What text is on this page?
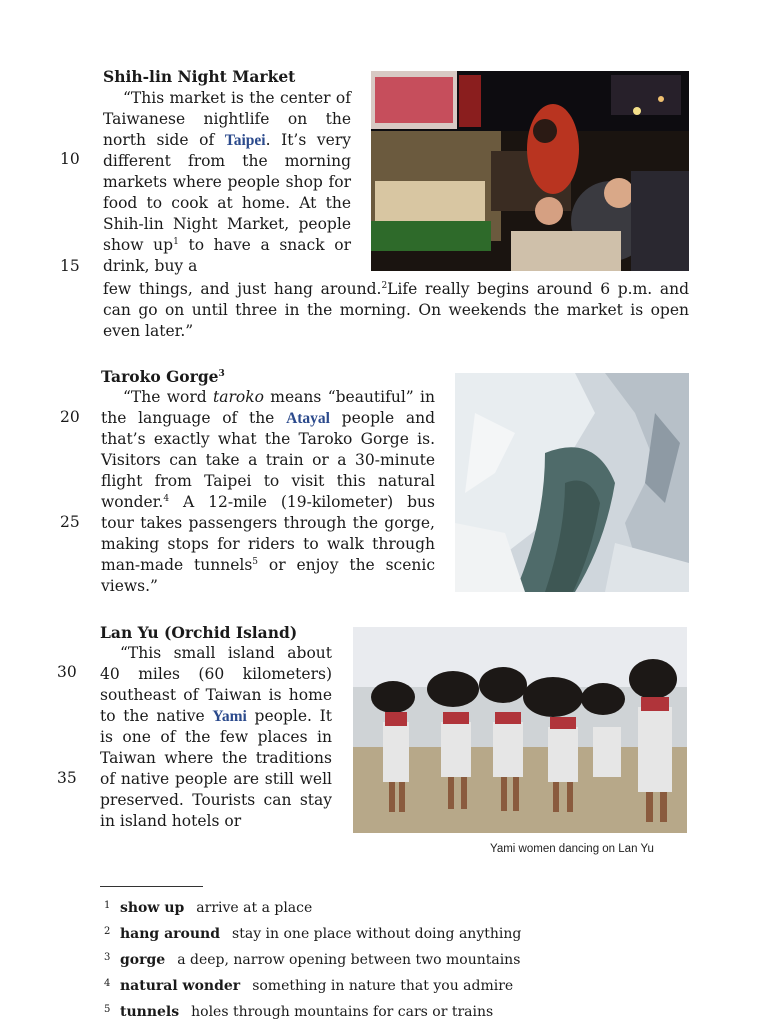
10
15
20
25
30
35
Shih-lin Night Market
“This market is the center of Taiwanese nightlife on the north side of Taipei. It’s very different from the morning markets where people shop for food to cook at home. At the Shih-lin Night Market, people show $up^1$ to have a snack or drink, buy a
few things, and just hang around.$^2$Life really begins around 6 p.m. and can go on until three in the morning. On weekends the market is open even later.”
Taroko Gorge$^3$
“The word taroko means “beautiful” in the language of the Atayal people and that’s exactly what the Taroko Gorge is. Visitors can take a train or a 30-minute flight from Taipei to visit this natural wonder.$^4$ A 12-mile (19-kilometer) bus tour takes passengers through the gorge, making stops for riders to walk through man-made tunnels$^5$ or enjoy the scenic views.”
Lan Yu (Orchid Island)
“This small island about 40 miles (60 kilometers) southeast of Taiwan is home to the native Yami people. It is one of the few places in Taiwan where the traditions of native people are still well preserved. Tourists can stay in island hotels or
Yami women dancing on Lan Yu
1 show up arrive at a place
2 hang around stay in one place without doing anything
3 gorge a deep, narrow opening between two mountains
4 natural wonder something in nature that you admire
5 tunnels holes through mountains for cars or trains
